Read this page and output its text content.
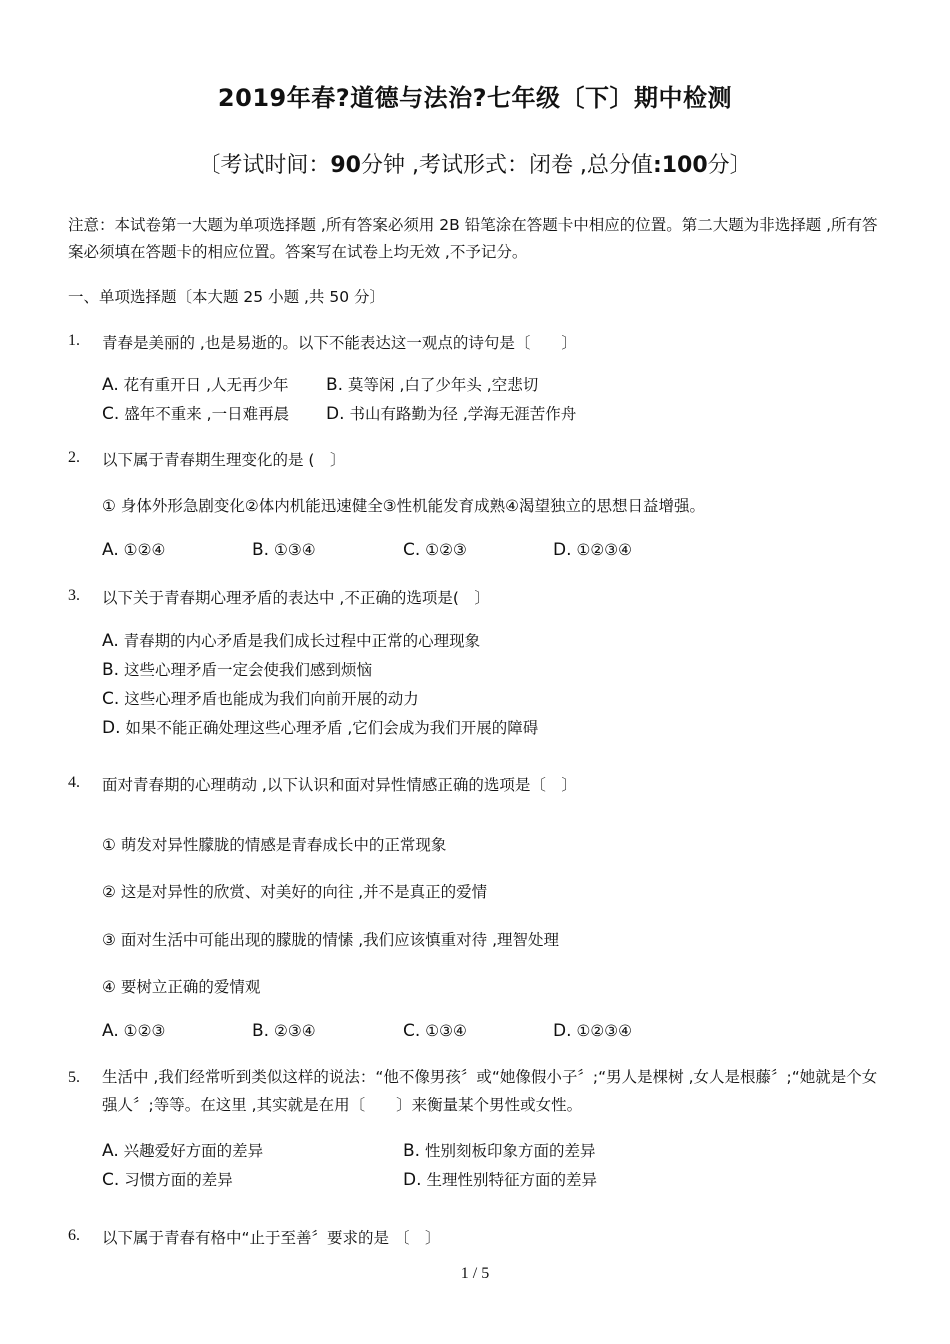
2019年春?道德与法治?七年级〔下〕期中检测
〔考试时间：90分钟 ,考试形式：闭卷 ,总分值:100分〕
注意：本试卷第一大题为单项选择题 ,所有答案必须用 2B 铅笔涂在答题卡中相应的位置。第二大题为非选择题 ,所有答案必须填在答题卡的相应位置。答案写在试卷上均无效 ,不予记分。
一、单项选择题〔本大题 25 小题 ,共 50 分〕
1. 青春是美丽的 ,也是易逝的。以下不能表达这一观点的诗句是〔　　〕
A. 花有重开日 ,人无再少年 B. 莫等闲 ,白了少年头 ,空悲切
C. 盛年不重来 ,一日难再晨 D. 书山有路勤为径 ,学海无涯苦作舟
2. 以下属于青春期生理变化的是 (　〕
① 身体外形急剧变化②体内机能迅速健全③性机能发育成熟④渴望独立的思想日益增强。
A. ①②④	B. ①③④	C. ①②③	D. ①②③④
3. 以下关于青春期心理矛盾的表达中 ,不正确的选项是(　〕
A. 青春期的内心矛盾是我们成长过程中正常的心理现象
B. 这些心理矛盾一定会使我们感到烦恼
C. 这些心理矛盾也能成为我们向前开展的动力
D. 如果不能正确处理这些心理矛盾 ,它们会成为我们开展的障碍
4. 面对青春期的心理萌动 ,以下认识和面对异性情感正确的选项是〔　〕
① 萌发对异性朦胧的情感是青春成长中的正常现象
② 这是对异性的欣赏、对美好的向往 ,并不是真正的爱情
③ 面对生活中可能出现的朦胧的情愫 ,我们应该慎重对待 ,理智处理
④ 要树立正确的爱情观
A. ①②③	B. ②③④	C. ①③④	D. ①②③④
5. 生活中 ,我们经常听到类似这样的说法：“他不像男孩〞或“她像假小子〞;“男人是棵树 ,女人是根藤〞;“她就是个女强人〞;等等。在这里 ,其实就是在用〔　　〕来衡量某个男性或女性。
A. 兴趣爱好方面的差异	B. 性别刻板印象方面的差异
C. 习惯方面的差异	D. 生理性别特征方面的差异
6. 以下属于青春有格中“止于至善〞要求的是 〔　〕
1 / 5
